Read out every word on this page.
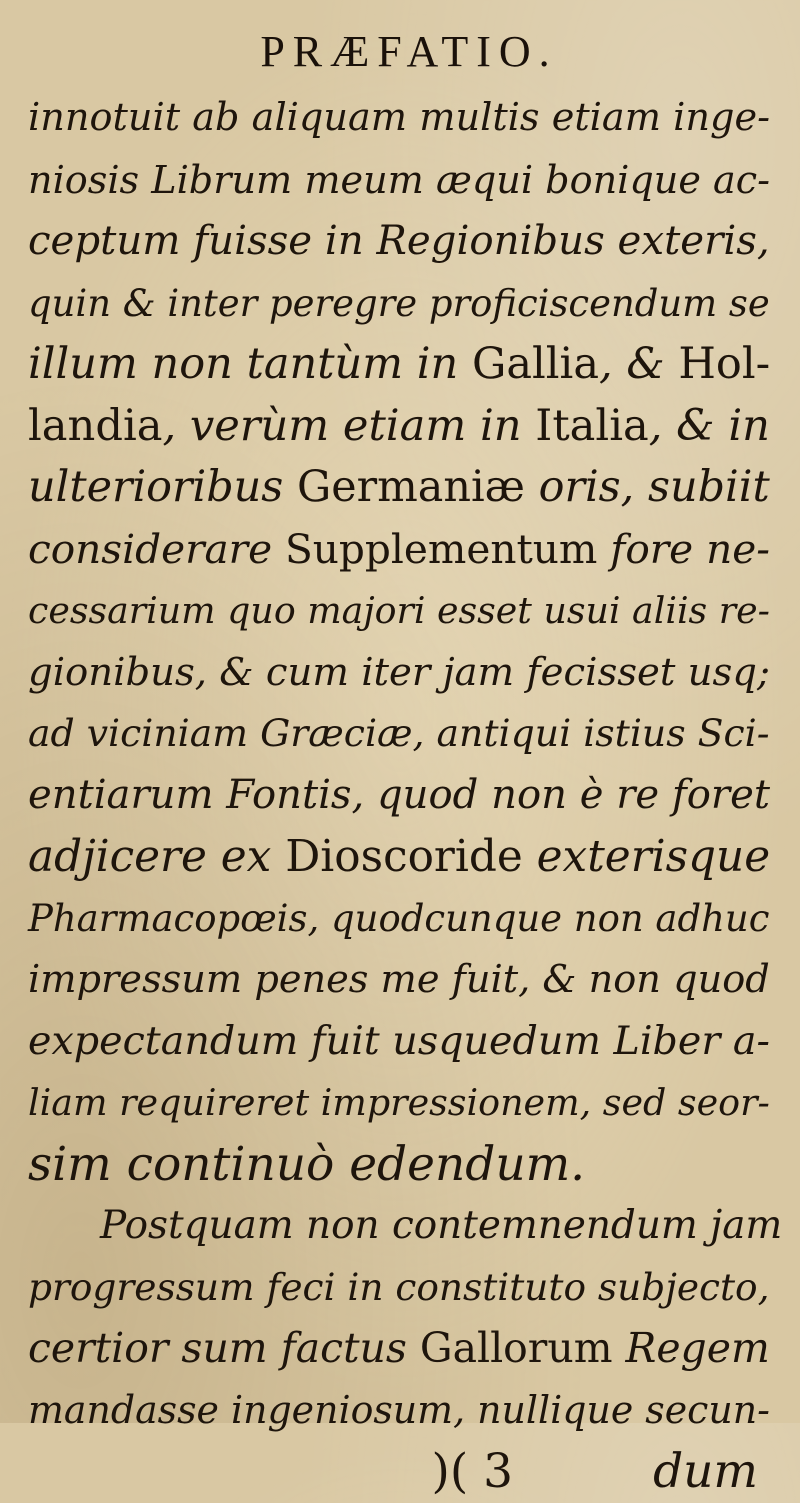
PRÆFATIO.
innotuit ab aliquam multis etiam inge-
niosis Librum meum æqui bonique ac-
ceptum fuisse in Regionibus exteris,
quin & inter peregre proficiscendum se
illum non tantùm in Gallia, & Hol-
landia, verùm etiam in Italia, & in
ulterioribus Germaniæ oris, subiit
considerare Supplementum fore ne-
cessarium quo majori esset usui aliis re-
gionibus, & cum iter jam fecisset usq;
ad viciniam Græciæ, antiqui istius Sci-
entiarum Fontis, quod non è re foret
adjicere ex Dioscoride exterisque
Pharmacopœis, quodcunque non adhuc
impressum penes me fuit, & non quod
expectandum fuit usquedum Liber a-
liam requireret impressionem, sed seor-
sim continuò edendum.
Postquam non contemnendum jam
progressum feci in constituto subjecto,
certior sum factus Gallorum Regem
mandasse ingeniosum, nullique secun-
)( 3	dum
